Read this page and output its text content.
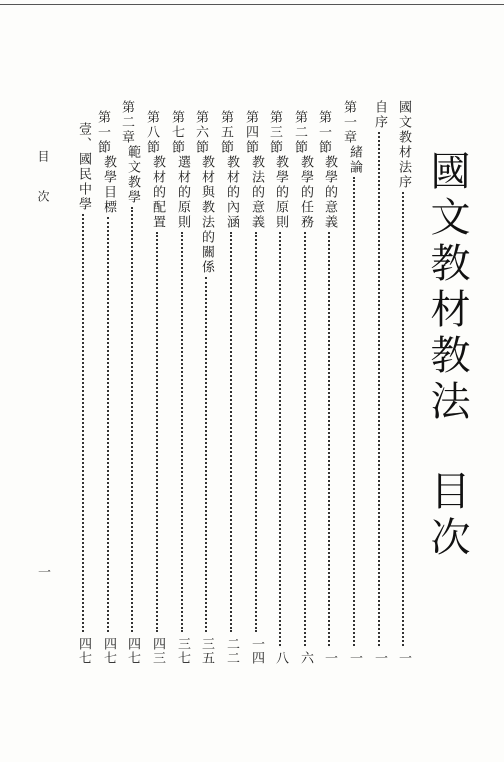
國文教材教法目次
國文教材法序
一
自序
一
第一章
緒論
一
第一節
教學的意義
一
第二節
教學的任務
六
第三節
教學的原則
八
第四節
教法的意義
一四
第五節
教材的內涵
二二
第六節
教材與教法的關係
三五
第七節
選材的原則
三七
第八節
教材的配置
四三
第二章
範文教學
四七
第一節
教學目標
四七
壹、國民中學
四七
目 次
一
